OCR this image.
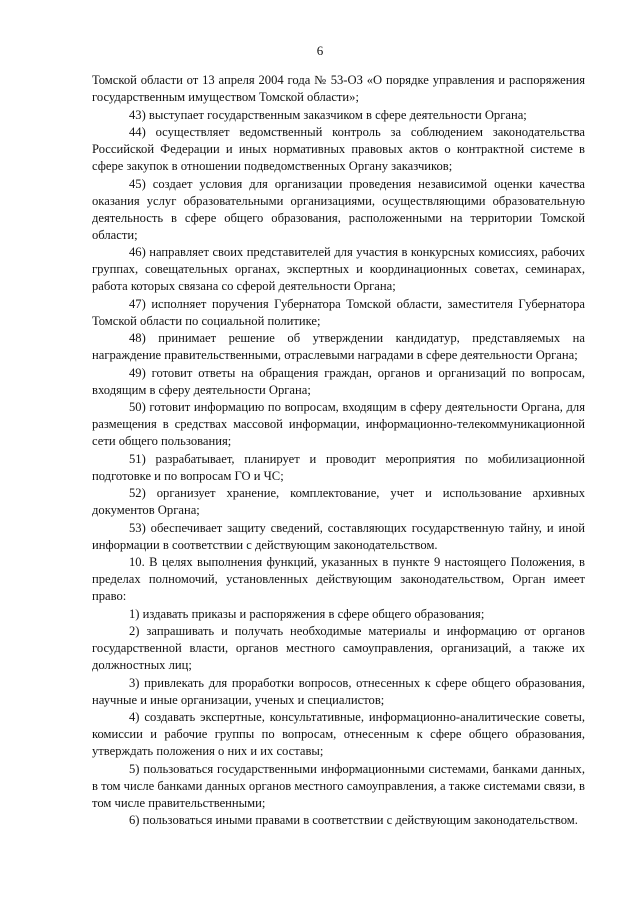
6

Томской области от 13 апреля 2004 года № 53-ОЗ «О порядке управления и распоряжения государственным имуществом Томской области»;

43) выступает государственным заказчиком в сфере деятельности Органа;

44) осуществляет ведомственный контроль за соблюдением законодательства Российской Федерации и иных нормативных правовых актов о контрактной системе в сфере закупок в отношении подведомственных Органу заказчиков;

45) создает условия для организации проведения независимой оценки качества оказания услуг образовательными организациями, осуществляющими образовательную деятельность в сфере общего образования, расположенными на территории Томской области;

46) направляет своих представителей для участия в конкурсных комиссиях, рабочих группах, совещательных органах, экспертных и координационных советах, семинарах, работа которых связана со сферой деятельности Органа;

47) исполняет поручения Губернатора Томской области, заместителя Губернатора Томской области по социальной политике;

48) принимает решение об утверждении кандидатур, представляемых на награждение правительственными, отраслевыми наградами в сфере деятельности Органа;

49) готовит ответы на обращения граждан, органов и организаций по вопросам, входящим в сферу деятельности Органа;

50) готовит информацию по вопросам, входящим в сферу деятельности Органа, для размещения в средствах массовой информации, информационно-телекоммуникационной сети общего пользования;

51) разрабатывает, планирует и проводит мероприятия по мобилизационной подготовке и по вопросам ГО и ЧС;

52) организует хранение, комплектование, учет и использование архивных документов Органа;

53) обеспечивает защиту сведений, составляющих государственную тайну, и иной информации в соответствии с действующим законодательством.

10. В целях выполнения функций, указанных в пункте 9 настоящего Положения, в пределах полномочий, установленных действующим законодательством, Орган имеет право:

1) издавать приказы и распоряжения в сфере общего образования;

2) запрашивать и получать необходимые материалы и информацию от органов государственной власти, органов местного самоуправления, организаций, а также их должностных лиц;

3) привлекать для проработки вопросов, отнесенных к сфере общего образования, научные и иные организации, ученых и специалистов;

4) создавать экспертные, консультативные, информационно-аналитические советы, комиссии и рабочие группы по вопросам, отнесенным к сфере общего образования, утверждать положения о них и их составы;

5) пользоваться государственными информационными системами, банками данных, в том числе банками данных органов местного самоуправления, а также системами связи, в том числе правительственными;

6) пользоваться иными правами в соответствии с действующим законодательством.
